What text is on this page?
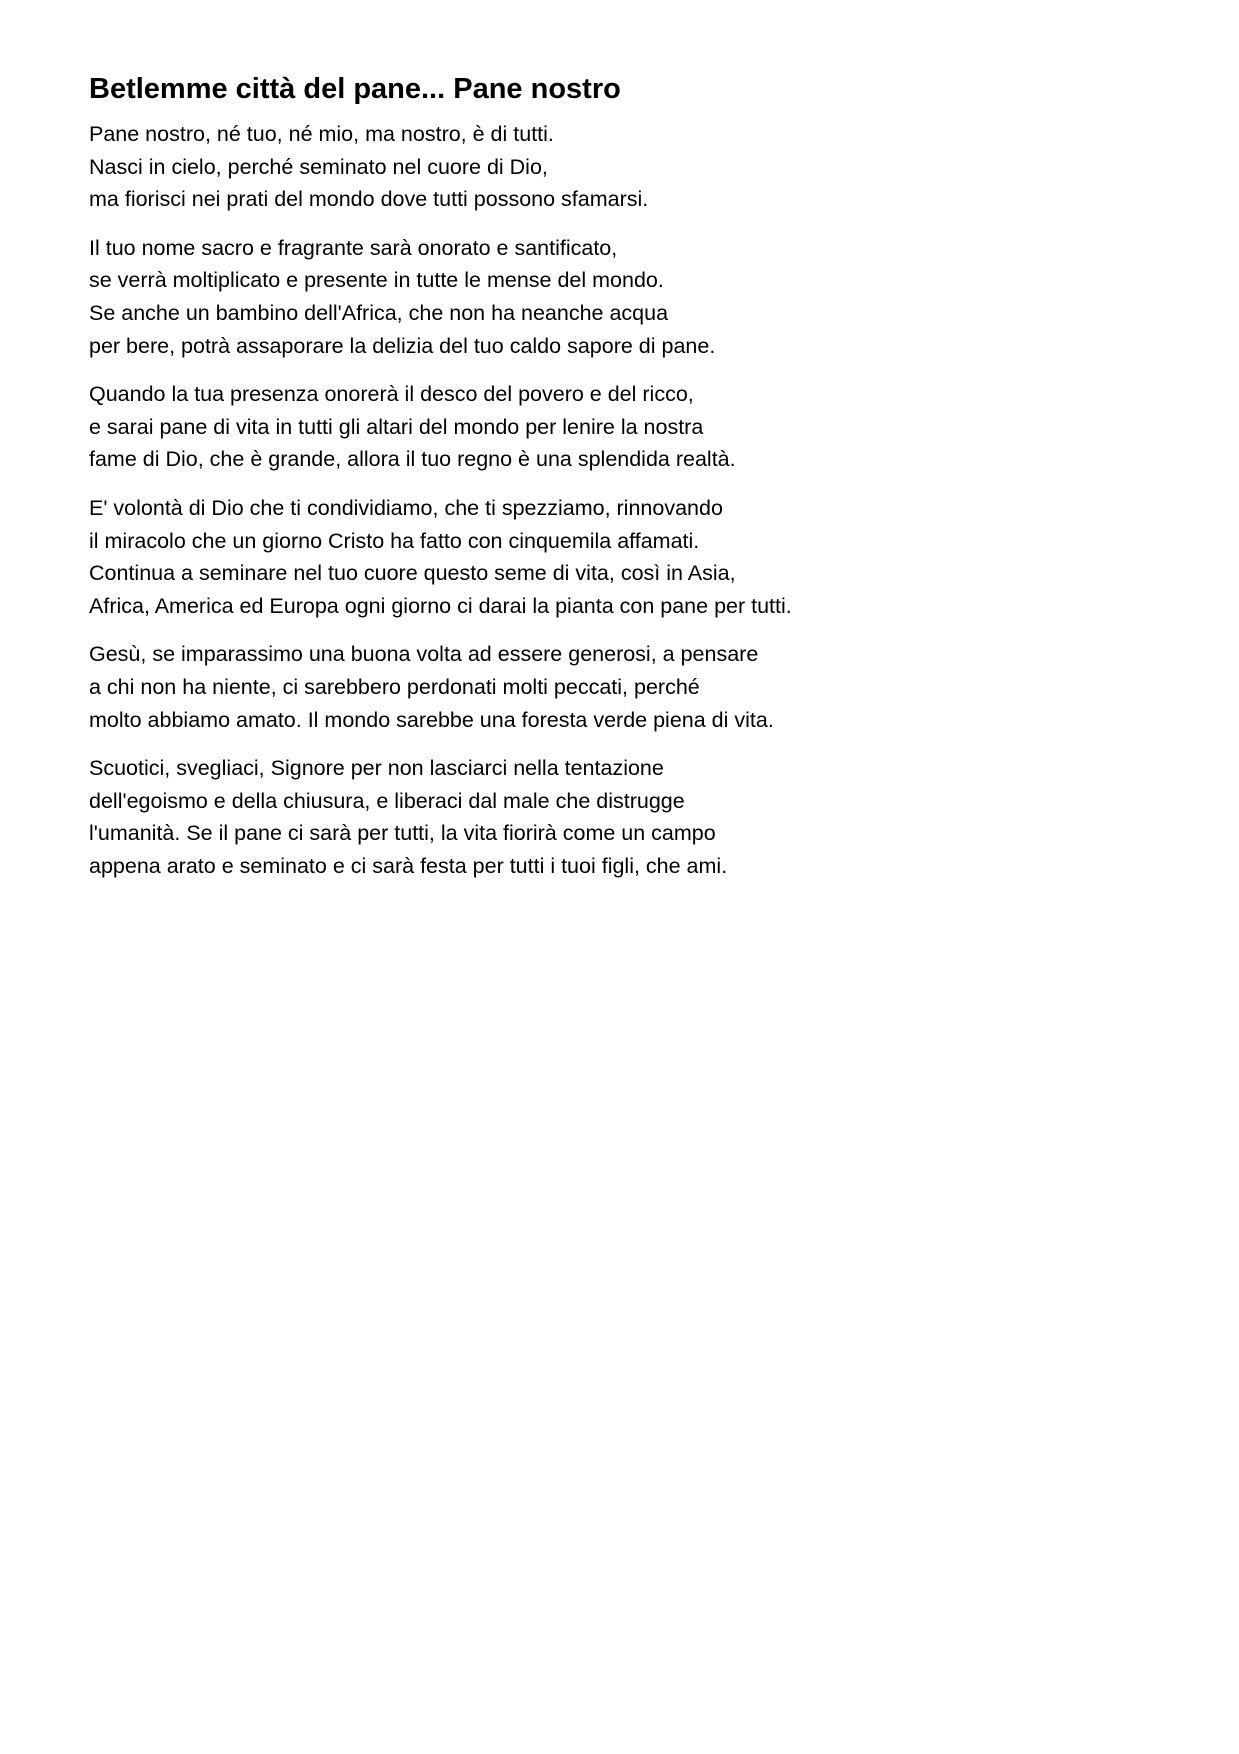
Betlemme città del pane... Pane nostro
Pane nostro, né tuo, né mio, ma nostro, è di tutti.
Nasci in cielo, perché seminato nel cuore di Dio,
ma fiorisci nei prati del mondo dove tutti possono sfamarsi.
Il tuo nome sacro e fragrante sarà onorato e santificato,
se verrà moltiplicato e presente in tutte le mense del mondo.
Se anche un bambino dell'Africa, che non ha neanche acqua
per bere, potrà assaporare la delizia del tuo caldo sapore di pane.
Quando la tua presenza onorerà il desco del povero e del ricco,
e sarai pane di vita in tutti gli altari del mondo per lenire la nostra
fame di Dio, che è grande, allora il tuo regno è una splendida realtà.
E' volontà di Dio che ti condividiamo, che ti spezziamo, rinnovando
il miracolo che un giorno Cristo ha fatto con cinquemila affamati.
Continua a seminare nel tuo cuore questo seme di vita, così in Asia,
Africa, America ed Europa ogni giorno ci darai la pianta con pane per tutti.
Gesù, se imparassimo una buona volta ad essere generosi, a pensare
a chi non ha niente, ci sarebbero perdonati molti peccati, perché
molto abbiamo amato. Il mondo sarebbe una foresta verde piena di vita.
Scuotici, svegliaci, Signore per non lasciarci nella tentazione
dell'egoismo e della chiusura, e liberaci dal male che distrugge
l'umanità. Se il pane ci sarà per tutti, la vita fiorirà come un campo
appena arato e seminato e ci sarà festa per tutti i tuoi figli, che ami.
